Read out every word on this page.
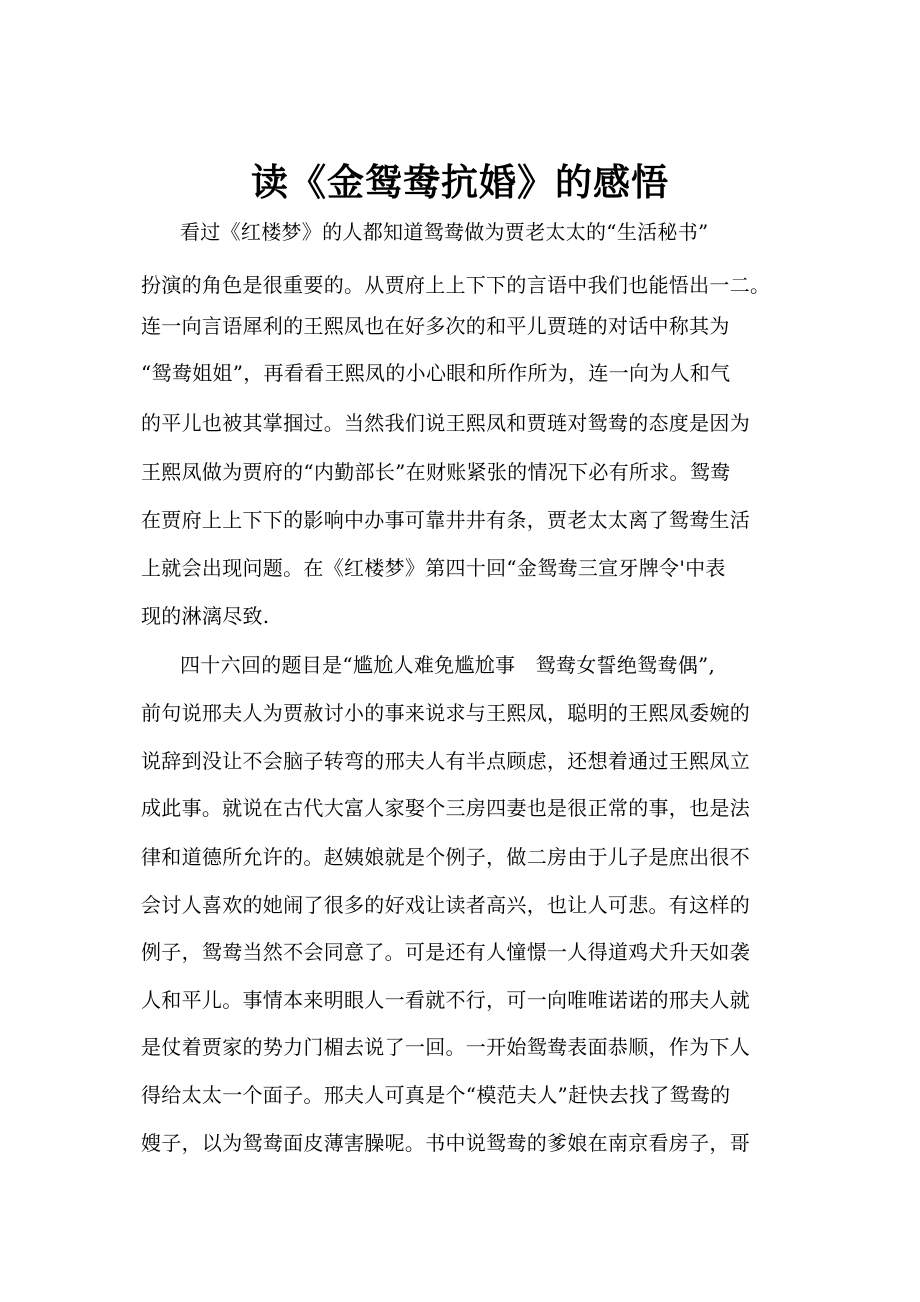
读《金鸳鸯抗婚》的感悟

看过《红楼梦》的人都知道鸳鸯做为贾老太太的“生活秘书”

扮演的角色是很重要的。从贾府上上下下的言语中我们也能悟出一二。

连一向言语犀利的王熙凤也在好多次的和平儿贾琏的对话中称其为

“鸳鸯姐姐”，再看看王熙凤的小心眼和所作所为，连一向为人和气

的平儿也被其掌掴过。当然我们说王熙凤和贾琏对鸳鸯的态度是因为

王熙凤做为贾府的“内勤部长”在财账紧张的情况下必有所求。鸳鸯

在贾府上上下下的影响中办事可靠井井有条，贾老太太离了鸳鸯生活

上就会出现问题。在《红楼梦》第四十回“金鸳鸯三宣牙牌令'中表

现的淋漓尽致.

四十六回的题目是“尴尬人难免尴尬事　鸳鸯女誓绝鸳鸯偶”,

前句说邢夫人为贾赦讨小的事来说求与王熙凤，聪明的王熙凤委婉的

说辞到没让不会脑子转弯的邢夫人有半点顾虑，还想着通过王熙凤立

成此事。就说在古代大富人家娶个三房四妻也是很正常的事，也是法

律和道德所允许的。赵姨娘就是个例子，做二房由于儿子是庶出很不

会讨人喜欢的她闹了很多的好戏让读者高兴，也让人可悲。有这样的

例子，鸳鸯当然不会同意了。可是还有人憧憬一人得道鸡犬升天如袭

人和平儿。事情本来明眼人一看就不行，可一向唯唯诺诺的邢夫人就

是仗着贾家的势力门楣去说了一回。一开始鸳鸯表面恭顺，作为下人

得给太太一个面子。邢夫人可真是个“模范夫人”赶快去找了鸳鸯的

嫂子，以为鸳鸯面皮薄害臊呢。书中说鸳鸯的爹娘在南京看房子，哥
